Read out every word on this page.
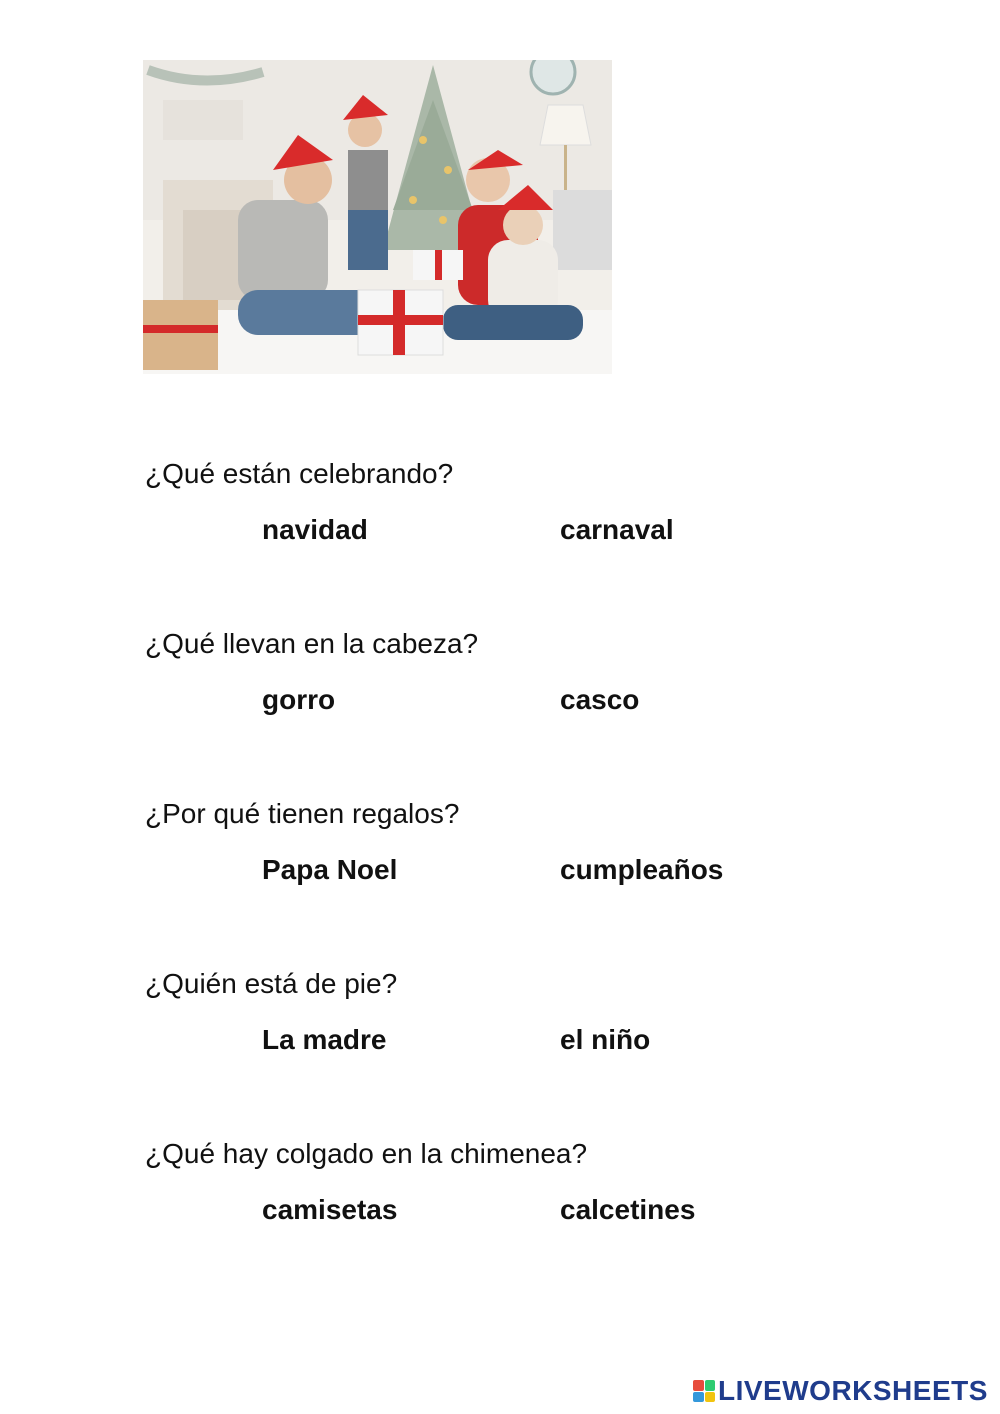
¿Qué están celebrando?
navidad	carnaval
¿Qué llevan en la cabeza?
gorro	casco
¿Por qué tienen regalos?
Papa Noel	cumpleaños
¿Quién está de pie?
La madre	el niño
¿Qué hay colgado en la chimenea?
camisetas	calcetines
LIVEWORKSHEETS
